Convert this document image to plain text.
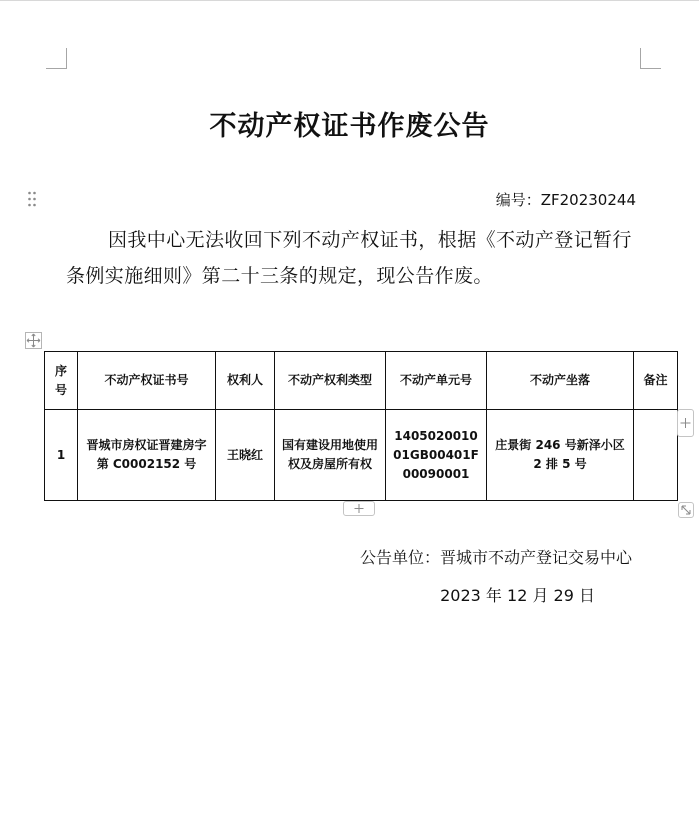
不动产权证书作废公告
编号：ZF20230244
因我中心无法收回下列不动产权证书，根据《不动产登记暂行条例实施细则》第二十三条的规定，现公告作废。
序号	不动产权证书号	权利人	不动产权利类型	不动产单元号	不动产坐落	备注
1	晋城市房权证晋建房字第 C0002152 号	王晓红	国有建设用地使用权及房屋所有权	140502001001GB00401F00090001	庄景街 246 号新泽小区 2 排 5 号	
公告单位：晋城市不动产登记交易中心
2023 年 12 月 29 日
